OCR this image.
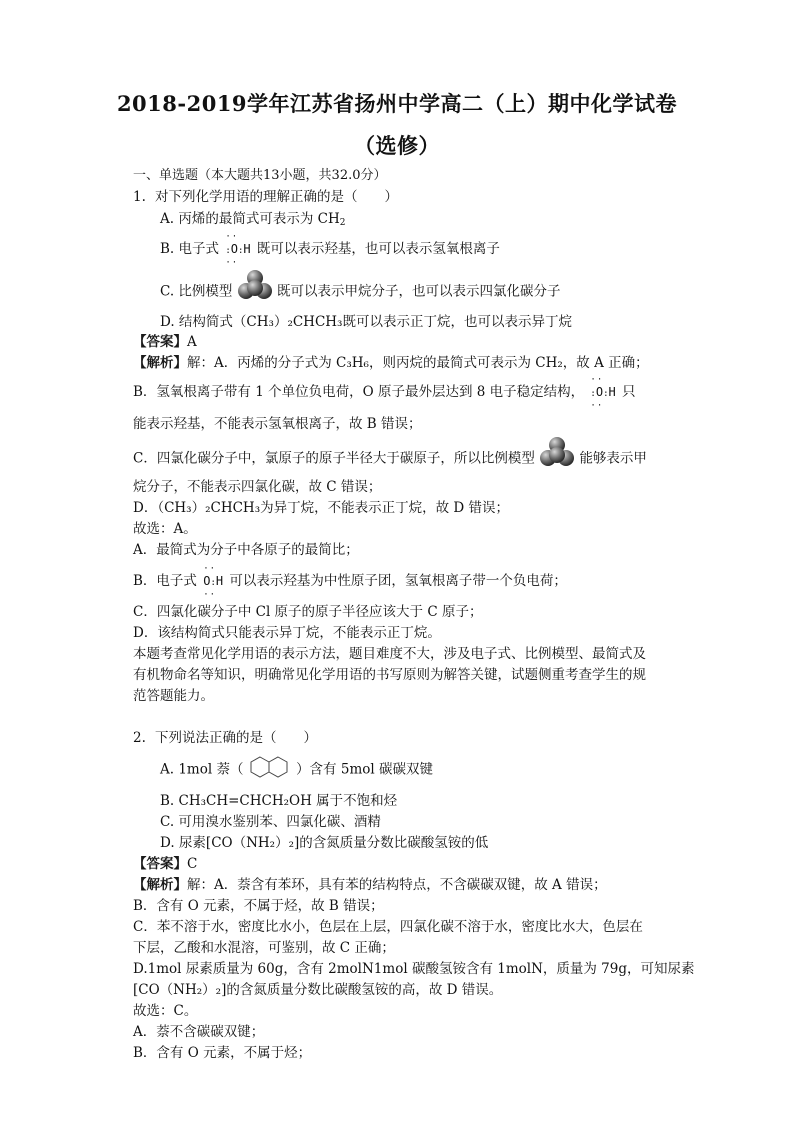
2018-2019学年江苏省扬州中学高二（上）期中化学试卷
（选修）
一、单选题（本大题共13小题，共32.0分）
1. 对下列化学用语的理解正确的是（　　）
A. 丙烯的最简式可表示为 $CH_2$
B. 电子式
··
:O:H
··
既可以表示羟基，也可以表示氢氧根离子
C. 比例模型	既可以表示甲烷分子，也可以表示四氯化碳分子
D. 结构简式（CH₃）₂CHCH₃既可以表示正丁烷，也可以表示异丁烷
【答案】A
【解析】解：A．丙烯的分子式为 C₃H₆，则丙烷的最简式可表示为 CH₂，故 A 正确；
B．氢氧根离子带有 1 个单位负电荷，O 原子最外层达到 8 电子稳定结构，
··
:O:H
··
只
能表示羟基，不能表示氢氧根离子，故 B 错误；
C．四氯化碳分子中，氯原子的原子半径大于碳原子，所以比例模型	能够表示甲
烷分子，不能表示四氯化碳，故 C 错误；
D．（CH₃）₂CHCH₃为异丁烷，不能表示正丁烷，故 D 错误；
故选：A。
A．最简式为分子中各原子的最简比；
B．电子式
··
O:H
··
可以表示羟基为中性原子团，氢氧根离子带一个负电荷；
C．四氯化碳分子中 Cl 原子的原子半径应该大于 C 原子；
D．该结构简式只能表示异丁烷，不能表示正丁烷。
本题考查常见化学用语的表示方法，题目难度不大，涉及电子式、比例模型、最简式及
有机物命名等知识，明确常见化学用语的书写原则为解答关键，试题侧重考查学生的规
范答题能力。
2. 下列说法正确的是（　　）
A. 1mol 萘（	）含有 5mol 碳碳双键
B. CH₃CH=CHCH₂OH 属于不饱和烃
C. 可用溴水鉴别苯、四氯化碳、酒精
D. 尿素[CO（NH₂）₂]的含氮质量分数比碳酸氢铵的低
【答案】C
【解析】解：A．萘含有苯环，具有苯的结构特点，不含碳碳双键，故 A 错误；
B．含有 O 元素，不属于烃，故 B 错误；
C．苯不溶于水，密度比水小，色层在上层，四氯化碳不溶于水，密度比水大，色层在
下层，乙酸和水混溶，可鉴别，故 C 正确；
D.1mol 尿素质量为 60g，含有 2molN1mol 碳酸氢铵含有 1molN，质量为 79g，可知尿素
[CO（NH₂）₂]的含氮质量分数比碳酸氢铵的高，故 D 错误。
故选：C。
A．萘不含碳碳双键；
B．含有 O 元素，不属于烃；
